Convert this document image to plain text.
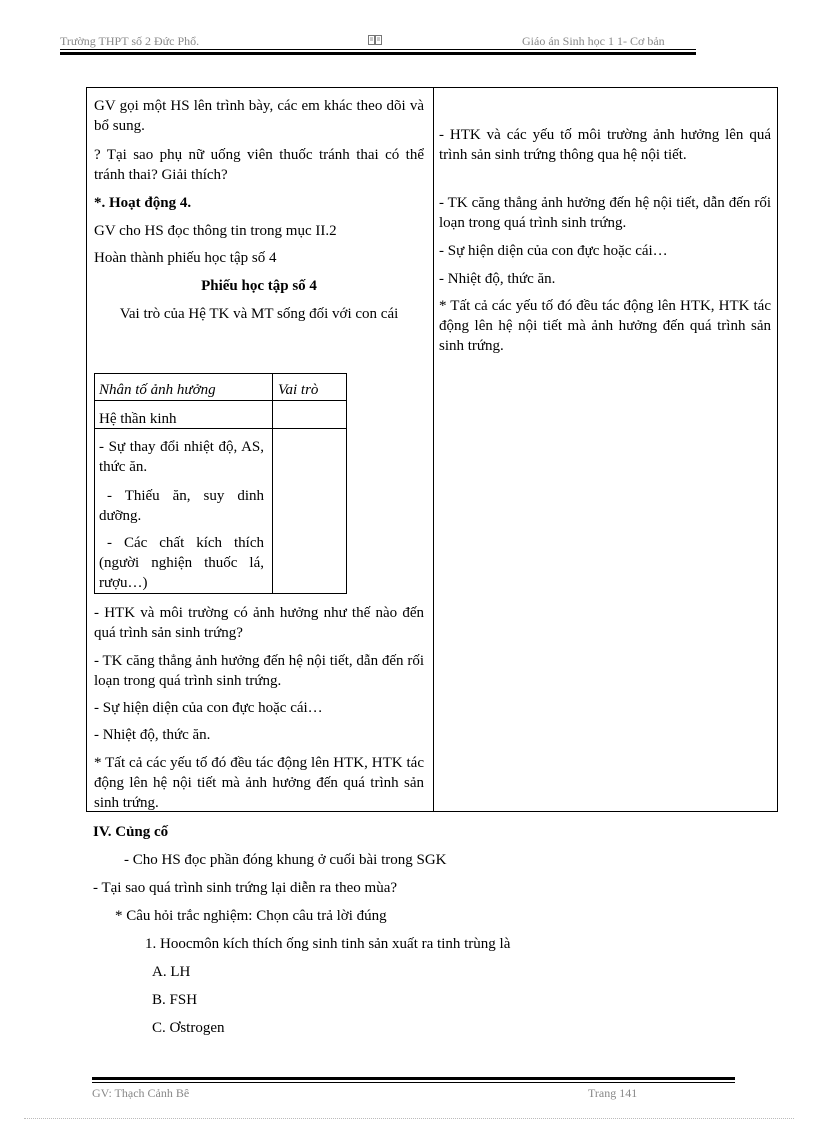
Trường THPT số 2 Đức Phổ.	Giáo án Sinh học 1 1- Cơ bản

GV gọi một HS lên trình bày, các em khác theo dõi và bổ sung.

? Tại sao phụ nữ uống viên thuốc tránh thai có thể tránh thai? Giải thích?

*. Hoạt động 4.

GV cho HS đọc thông tin trong mục II.2

Hoàn thành phiếu học tập số 4

Phiếu học tập số 4

Vai trò của Hệ TK và MT sống đối với con cái

Nhân tố ảnh hưởng	Vai trò

Hệ thần kinh

- Sự thay đổi nhiệt độ, AS, thức ăn.

- Thiếu ăn, suy dinh dưỡng.

- Các chất kích thích (người nghiện thuốc lá, rượu…)

- HTK và môi trường có ảnh hưởng như thế nào đến quá trình sản sinh trứng?

- TK căng thẳng ảnh hưởng đến hệ nội tiết, dẫn đến rối loạn trong quá trình sinh trứng.

- Sự hiện diện của con đực hoặc cái…

- Nhiệt độ, thức ăn.

* Tất cả các yếu tố đó đều tác động lên HTK, HTK tác động lên hệ nội tiết mà ảnh hưởng đến quá trình sản sinh trứng.

- HTK và các yếu tố môi trường ảnh hưởng lên quá trình sản sinh trứng thông qua hệ nội tiết.

- TK căng thẳng ảnh hưởng đến hệ nội tiết, dẫn đến rối loạn trong quá trình sinh trứng.

- Sự hiện diện của con đực hoặc cái…

- Nhiệt độ, thức ăn.

* Tất cả các yếu tố đó đều tác động lên HTK, HTK tác động lên hệ nội tiết mà ảnh hưởng đến quá trình sản sinh trứng.

IV. Củng cố

- Cho HS đọc phần đóng khung ở cuối bài trong SGK

- Tại sao quá trình sinh trứng lại diễn ra theo mùa?

* Câu hỏi trắc nghiệm: Chọn câu trả lời đúng

1. Hoocmôn kích thích ống sinh tinh sản xuất ra tinh trùng là

A. LH

B. FSH

C. Ơstrogen

GV: Thạch Cảnh Bê	Trang 141
